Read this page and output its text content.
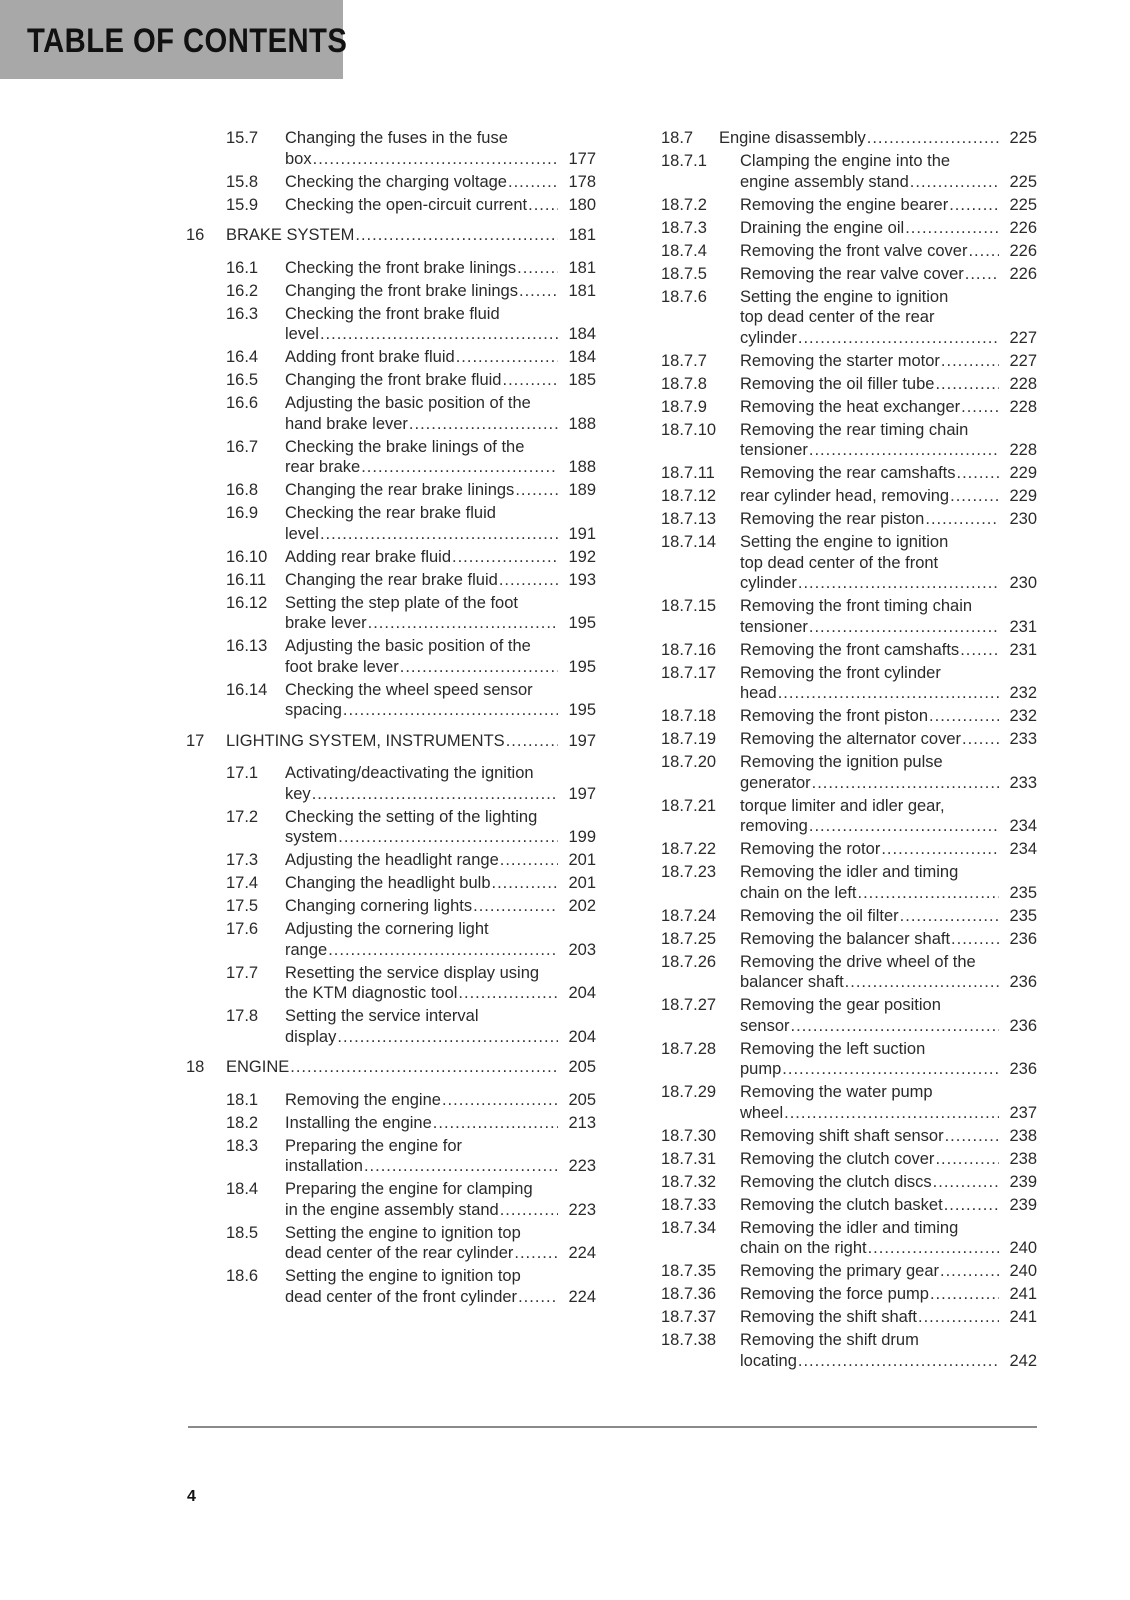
TABLE OF CONTENTS
15.7 Changing the fuses in the fuse
box .....	177
15.8 Checking the charging voltage .....	178
15.9 Checking the open-circuit current .....	180
16 BRAKE SYSTEM .....	181
16.1 Checking the front brake linings .....	181
16.2 Changing the front brake linings .....	181
16.3 Checking the front brake fluid
level .....	184
16.4 Adding front brake fluid .....	184
16.5 Changing the front brake fluid .....	185
16.6 Adjusting the basic position of the
hand brake lever .....	188
16.7 Checking the brake linings of the
rear brake .....	188
16.8 Changing the rear brake linings .....	189
16.9 Checking the rear brake fluid
level .....	191
16.10 Adding rear brake fluid .....	192
16.11 Changing the rear brake fluid .....	193
16.12 Setting the step plate of the foot
brake lever .....	195
16.13 Adjusting the basic position of the
foot brake lever .....	195
16.14 Checking the wheel speed sensor
spacing .....	195
17 LIGHTING SYSTEM, INSTRUMENTS .....	197
17.1 Activating/deactivating the ignition
key .....	197
17.2 Checking the setting of the lighting
system .....	199
17.3 Adjusting the headlight range .....	201
17.4 Changing the headlight bulb .....	201
17.5 Changing cornering lights .....	202
17.6 Adjusting the cornering light
range .....	203
17.7 Resetting the service display using
the KTM diagnostic tool .....	204
17.8 Setting the service interval
display .....	204
18 ENGINE .....	205
18.1 Removing the engine .....	205
18.2 Installing the engine .....	213
18.3 Preparing the engine for
installation .....	223
18.4 Preparing the engine for clamping
in the engine assembly stand .....	223
18.5 Setting the engine to ignition top
dead center of the rear cylinder .....	224
18.6 Setting the engine to ignition top
dead center of the front cylinder .....	224
18.7 Engine disassembly .....	225
18.7.1 Clamping the engine into the
engine assembly stand .....	225
18.7.2 Removing the engine bearer .....	225
18.7.3 Draining the engine oil .....	226
18.7.4 Removing the front valve cover .....	226
18.7.5 Removing the rear valve cover .....	226
18.7.6 Setting the engine to ignition
top dead center of the rear
cylinder .....	227
18.7.7 Removing the starter motor .....	227
18.7.8 Removing the oil filler tube .....	228
18.7.9 Removing the heat exchanger .....	228
18.7.10 Removing the rear timing chain
tensioner .....	228
18.7.11 Removing the rear camshafts .....	229
18.7.12 rear cylinder head, removing .....	229
18.7.13 Removing the rear piston .....	230
18.7.14 Setting the engine to ignition
top dead center of the front
cylinder .....	230
18.7.15 Removing the front timing chain
tensioner .....	231
18.7.16 Removing the front camshafts .....	231
18.7.17 Removing the front cylinder
head .....	232
18.7.18 Removing the front piston .....	232
18.7.19 Removing the alternator cover .....	233
18.7.20 Removing the ignition pulse
generator .....	233
18.7.21 torque limiter and idler gear,
removing .....	234
18.7.22 Removing the rotor .....	234
18.7.23 Removing the idler and timing
chain on the left .....	235
18.7.24 Removing the oil filter .....	235
18.7.25 Removing the balancer shaft .....	236
18.7.26 Removing the drive wheel of the
balancer shaft .....	236
18.7.27 Removing the gear position
sensor .....	236
18.7.28 Removing the left suction
pump .....	236
18.7.29 Removing the water pump
wheel .....	237
18.7.30 Removing shift shaft sensor .....	238
18.7.31 Removing the clutch cover .....	238
18.7.32 Removing the clutch discs .....	239
18.7.33 Removing the clutch basket .....	239
18.7.34 Removing the idler and timing
chain on the right .....	240
18.7.35 Removing the primary gear .....	240
18.7.36 Removing the force pump .....	241
18.7.37 Removing the shift shaft .....	241
18.7.38 Removing the shift drum
locating .....	242
4
